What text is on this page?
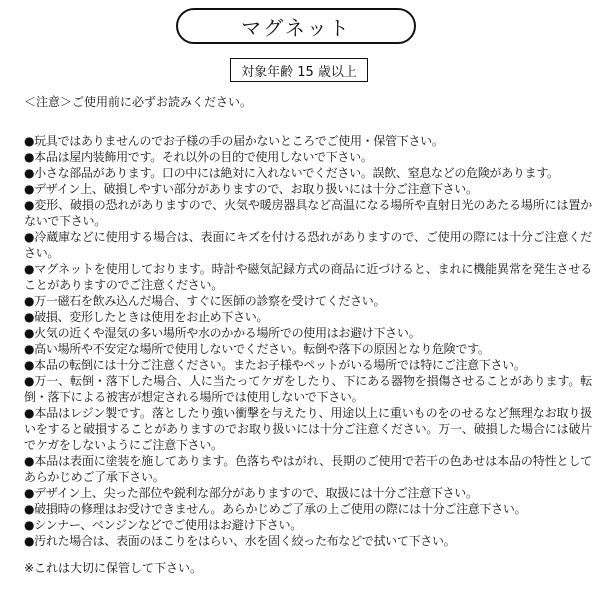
マグネット
対象年齢 15 歳以上
＜注意＞ご使用前に必ずお読みください。
●玩具ではありませんのでお子様の手の届かないところでご使用・保管下さい。
●本品は屋内装飾用です。それ以外の目的で使用しないで下さい。
●小さな部品があります。口の中には絶対に入れないでください。誤飲、窒息などの危険があります。
●デザイン上、破損しやすい部分がありますので、お取り扱いには十分ご注意下さい。
●変形、破損の恐れがありますので、火気や暖房器具など高温になる場所や直射日光のあたる場所には置かないで下さい。
●冷蔵庫などに使用する場合は、表面にキズを付ける恐れがありますので、ご使用の際には十分ご注意ください。
●マグネットを使用しております。時計や磁気記録方式の商品に近づけると、まれに機能異常を発生させることがありますのでご注意ください。
●万一磁石を飲み込んだ場合、すぐに医師の診察を受けてください。
●破損、変形したときは使用をお止め下さい。
●火気の近くや湿気の多い場所や水のかかる場所での使用はお避け下さい。
●高い場所や不安定な場所で使用しないでください。転倒や落下の原因となり危険です。
●本品の転倒には十分ご注意ください。またお子様やペットがいる場所では特にご注意下さい。
●万一、転倒・落下した場合、人に当たってケガをしたり、下にある器物を損傷させることがあります。転倒・落下による被害が想定される場所では使用しないで下さい。
●本品はレジン製です。落としたり強い衝撃を与えたり、用途以上に重いものをのせるなど無理なお取り扱いをすると破損することがありますのでお取り扱いには十分ご注意ください。万一、破損した場合には破片でケガをしないようにご注意下さい。
●本品は表面に塗装を施してあります。色落ちやはがれ、長期のご使用で若干の色あせは本品の特性としてあらかじめご了承下さい。
●デザイン上、尖った部位や鋭利な部分がありますので、取扱には十分ご注意下さい。
●破損時の修理はお受けできません。あらかじめご了承の上ご使用の際には十分ご注意下さい。
●シンナー、ベンジンなどでご使用はお避け下さい。
●汚れた場合は、表面のほこりをはらい、水を固く絞った布などで拭いて下さい。
※これは大切に保管して下さい。
